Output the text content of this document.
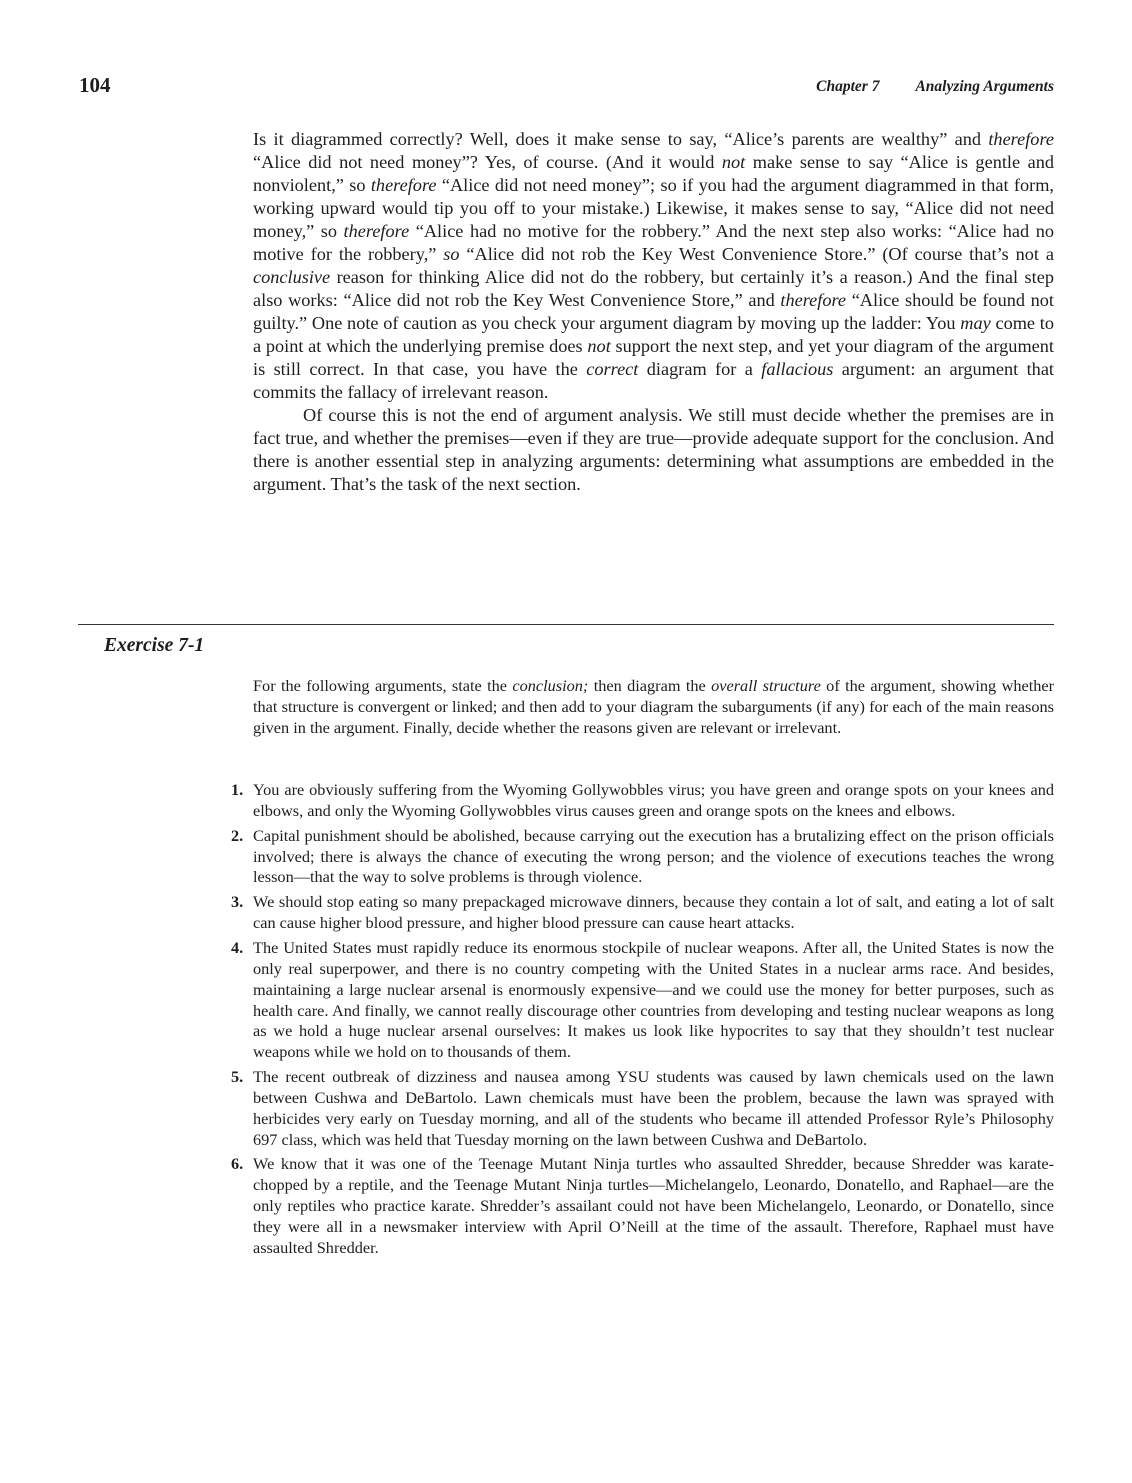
104	Chapter 7 Analyzing Arguments

Is it diagrammed correctly? Well, does it make sense to say, “Alice’s parents are wealthy” and therefore “Alice did not need money”? Yes, of course. (And it would not make sense to say “Alice is gentle and nonviolent,” so therefore “Alice did not need money”; so if you had the argument diagrammed in that form, working upward would tip you off to your mistake.) Likewise, it makes sense to say, “Alice did not need money,” so therefore “Alice had no motive for the robbery.” And the next step also works: “Alice had no motive for the robbery,” so “Alice did not rob the Key West Convenience Store.” (Of course that’s not a conclusive reason for thinking Alice did not do the robbery, but certainly it’s a reason.) And the final step also works: “Alice did not rob the Key West Convenience Store,” and therefore “Alice should be found not guilty.” One note of caution as you check your argument diagram by moving up the ladder: You may come to a point at which the underlying premise does not support the next step, and yet your diagram of the argument is still correct. In that case, you have the correct diagram for a fallacious argument: an argument that commits the fallacy of irrelevant reason.

Of course this is not the end of argument analysis. We still must decide whether the premises are in fact true, and whether the premises—even if they are true—provide adequate support for the conclusion. And there is another essential step in analyzing arguments: determining what assumptions are embedded in the argument. That’s the task of the next section.

Exercise 7-1

For the following arguments, state the conclusion; then diagram the overall structure of the argument, showing whether that structure is convergent or linked; and then add to your diagram the subarguments (if any) for each of the main reasons given in the argument. Finally, decide whether the reasons given are relevant or irrelevant.

1. You are obviously suffering from the Wyoming Gollywobbles virus; you have green and orange spots on your knees and elbows, and only the Wyoming Gollywobbles virus causes green and orange spots on the knees and elbows.
2. Capital punishment should be abolished, because carrying out the execution has a brutalizing effect on the prison officials involved; there is always the chance of executing the wrong person; and the violence of executions teaches the wrong lesson—that the way to solve problems is through violence.
3. We should stop eating so many prepackaged microwave dinners, because they contain a lot of salt, and eating a lot of salt can cause higher blood pressure, and higher blood pressure can cause heart attacks.
4. The United States must rapidly reduce its enormous stockpile of nuclear weapons. After all, the United States is now the only real superpower, and there is no country competing with the United States in a nuclear arms race. And besides, maintaining a large nuclear arsenal is enormously expensive—and we could use the money for better purposes, such as health care. And finally, we cannot really discourage other countries from developing and testing nuclear weapons as long as we hold a huge nuclear arsenal ourselves: It makes us look like hypocrites to say that they shouldn’t test nuclear weapons while we hold on to thousands of them.
5. The recent outbreak of dizziness and nausea among YSU students was caused by lawn chemicals used on the lawn between Cushwa and DeBartolo. Lawn chemicals must have been the problem, because the lawn was sprayed with herbicides very early on Tuesday morning, and all of the students who became ill attended Professor Ryle’s Philosophy 697 class, which was held that Tuesday morning on the lawn between Cushwa and DeBartolo.
6. We know that it was one of the Teenage Mutant Ninja turtles who assaulted Shredder, because Shredder was karate-chopped by a reptile, and the Teenage Mutant Ninja turtles—Michelangelo, Leonardo, Donatello, and Raphael—are the only reptiles who practice karate. Shredder’s assailant could not have been Michelangelo, Leonardo, or Donatello, since they were all in a newsmaker interview with April O’Neill at the time of the assault. Therefore, Raphael must have assaulted Shredder.
